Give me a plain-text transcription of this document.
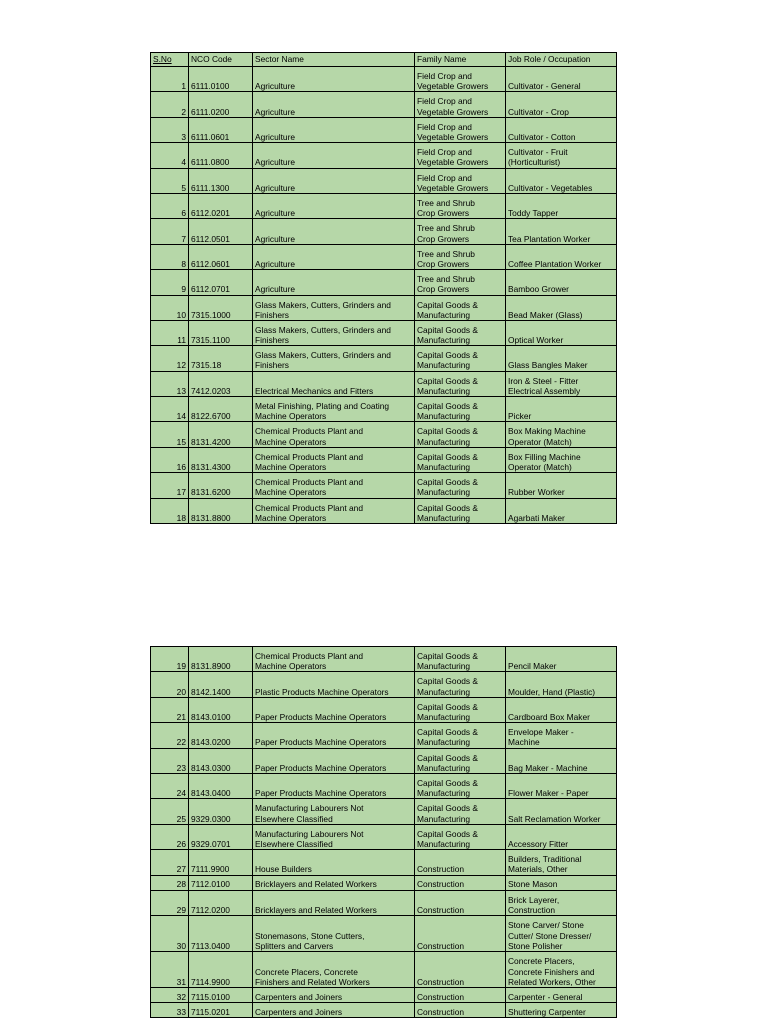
S.No	NCO Code	Sector Name	Family Name	Job Role / Occupation
1	6111.0100	Agriculture	Field Crop and
Vegetable Growers	Cultivator - General

2	6111.0200	Agriculture	Field Crop and
Vegetable Growers	Cultivator - Crop

3	6111.0601	Agriculture	Field Crop and
Vegetable Growers	Cultivator - Cotton

4	6111.0800	Agriculture	Field Crop and
Vegetable Growers	Cultivator - Fruit
(Horticulturist)

5	6111.1300	Agriculture	Field Crop and
Vegetable Growers	Cultivator - Vegetables

6	6112.0201	Agriculture	Tree and Shrub
Crop Growers	Toddy Tapper

7	6112.0501	Agriculture	Tree and Shrub
Crop Growers	Tea Plantation Worker

8	6112.0601	Agriculture	Tree and Shrub
Crop Growers	Coffee Plantation Worker

9	6112.0701	Agriculture	Tree and Shrub
Crop Growers	Bamboo Grower

10	7315.1000	Glass Makers, Cutters, Grinders and
Finishers	Capital Goods &
Manufacturing	Bead Maker (Glass)

11	7315.1100	Glass Makers, Cutters, Grinders and
Finishers	Capital Goods &
Manufacturing	Optical Worker

12	7315.18	Glass Makers, Cutters, Grinders and
Finishers	Capital Goods &
Manufacturing	Glass Bangles Maker

13	7412.0203	Electrical Mechanics and Fitters	Capital Goods &
Manufacturing	Iron & Steel - Fitter
Electrical Assembly

14	8122.6700	Metal Finishing, Plating and Coating
Machine Operators	Capital Goods &
Manufacturing	Picker

15	8131.4200	Chemical Products Plant and
Machine Operators	Capital Goods &
Manufacturing	Box Making Machine
Operator (Match)

16	8131.4300	Chemical Products Plant and
Machine Operators	Capital Goods &
Manufacturing	Box Filling Machine
Operator (Match)

17	8131.6200	Chemical Products Plant and
Machine Operators	Capital Goods &
Manufacturing	Rubber Worker

18	8131.8800	Chemical Products Plant and
Machine Operators	Capital Goods &
Manufacturing	Agarbati Maker
19	8131.8900	Chemical Products Plant and
Machine Operators	Capital Goods &
Manufacturing	Pencil Maker

20	8142.1400	Plastic Products Machine Operators	Capital Goods &
Manufacturing	Moulder, Hand (Plastic)

21	8143.0100	Paper Products Machine Operators	Capital Goods &
Manufacturing	Cardboard Box Maker

22	8143.0200	Paper Products Machine Operators	Capital Goods &
Manufacturing	Envelope Maker -
Machine

23	8143.0300	Paper Products Machine Operators	Capital Goods &
Manufacturing	Bag Maker - Machine

24	8143.0400	Paper Products Machine Operators	Capital Goods &
Manufacturing	Flower Maker - Paper

25	9329.0300	Manufacturing Labourers Not
Elsewhere Classified	Capital Goods &
Manufacturing	Salt Reclamation Worker

26	9329.0701	Manufacturing Labourers Not
Elsewhere Classified	Capital Goods &
Manufacturing	Accessory Fitter

27	7111.9900	House Builders	Construction	Builders, Traditional
Materials, Other

28	7112.0100	Bricklayers and Related Workers	Construction	Stone Mason

29	7112.0200	Bricklayers and Related Workers	Construction	Brick Layerer,
Construction

30	7113.0400	Stonemasons, Stone Cutters,
Splitters and Carvers	Construction	Stone Carver/ Stone
Cutter/ Stone Dresser/
Stone Polisher

31	7114.9900	Concrete Placers, Concrete
Finishers and Related Workers	Construction	Concrete Placers,
Concrete Finishers and
Related Workers, Other

32	7115.0100	Carpenters and Joiners	Construction	Carpenter - General

33	7115.0201	Carpenters and Joiners	Construction	Shuttering Carpenter
